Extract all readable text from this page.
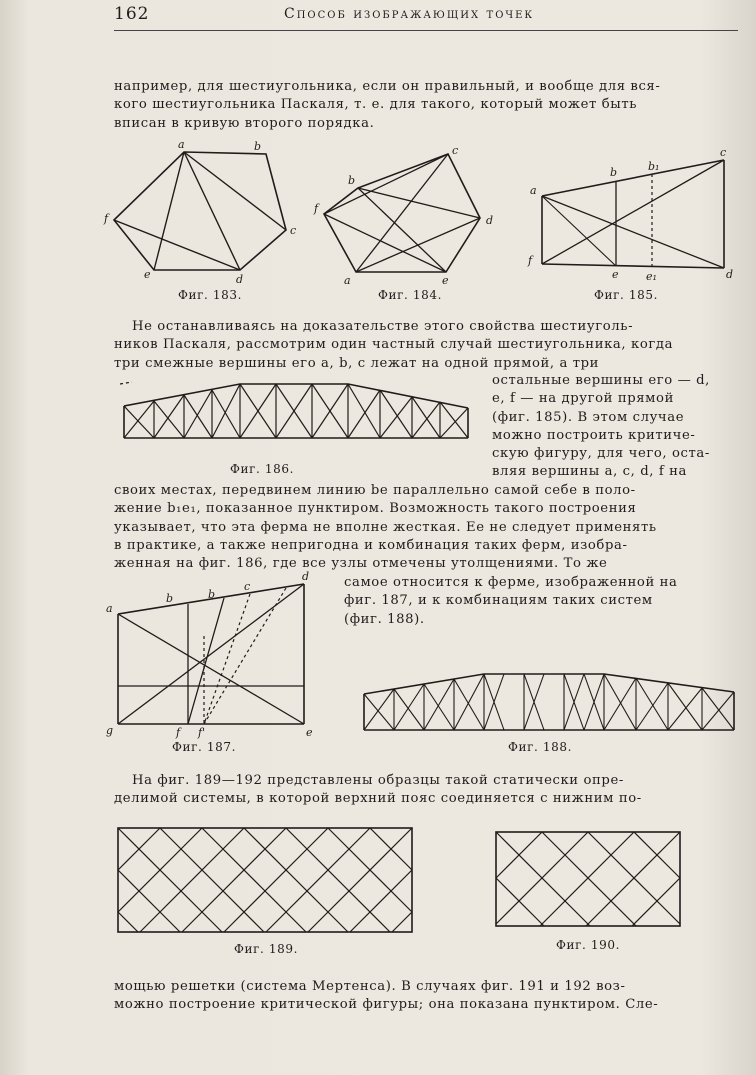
162	Способ изображающих точек
например, для шестиугольника, если он правильный, и вообще для вся-
кого шестиугольника Паскаля, т. е. для такого, который может быть
вписан в кривую второго порядка.
a	b
c
d
e
f
Фиг. 183.
b
c
d
e
a
f
Фиг. 184.
a
b	b₁
c
d
e e₁
f
Фиг. 185.
Не останавливаясь на доказательстве этого свойства шестиуголь-
ников Паскаля, рассмотрим один частный случай шестиугольника, когда
три смежные вершины его a, b, c лежат на одной прямой, а три
Фиг. 186.
остальные вершины его — d,
e, f — на другой прямой
(фиг. 185). В этом случае
можно построить критиче-
скую фигуру, для чего, оста-
вляя вершины a, c, d, f на
своих местах, передвинем линию be параллельно самой себе в поло-
жение b₁e₁, показанное пунктиром. Возможность такого построения
указывает, что эта ферма не вполне жесткая. Ее не следует применять
в практике, а также непригодна и комбинация таких ферм, изобра-
женная на фиг. 186, где все узлы отмечены утолщениями. То же
a
b	b
c
d
e
f f'
g
Фиг. 187.
самое относится к ферме, изображенной на
фиг. 187, и к комбинациям таких систем
(фиг. 188).
Фиг. 188.
На фиг. 189—192 представлены образцы такой статически опре-
делимой системы, в которой верхний пояс соединяется с нижним по-
Фиг. 189.	Фиг. 190.
мощью решетки (система Мертенса). В случаях фиг. 191 и 192 воз-
можно построение критической фигуры; она показана пунктиром. Сле-
